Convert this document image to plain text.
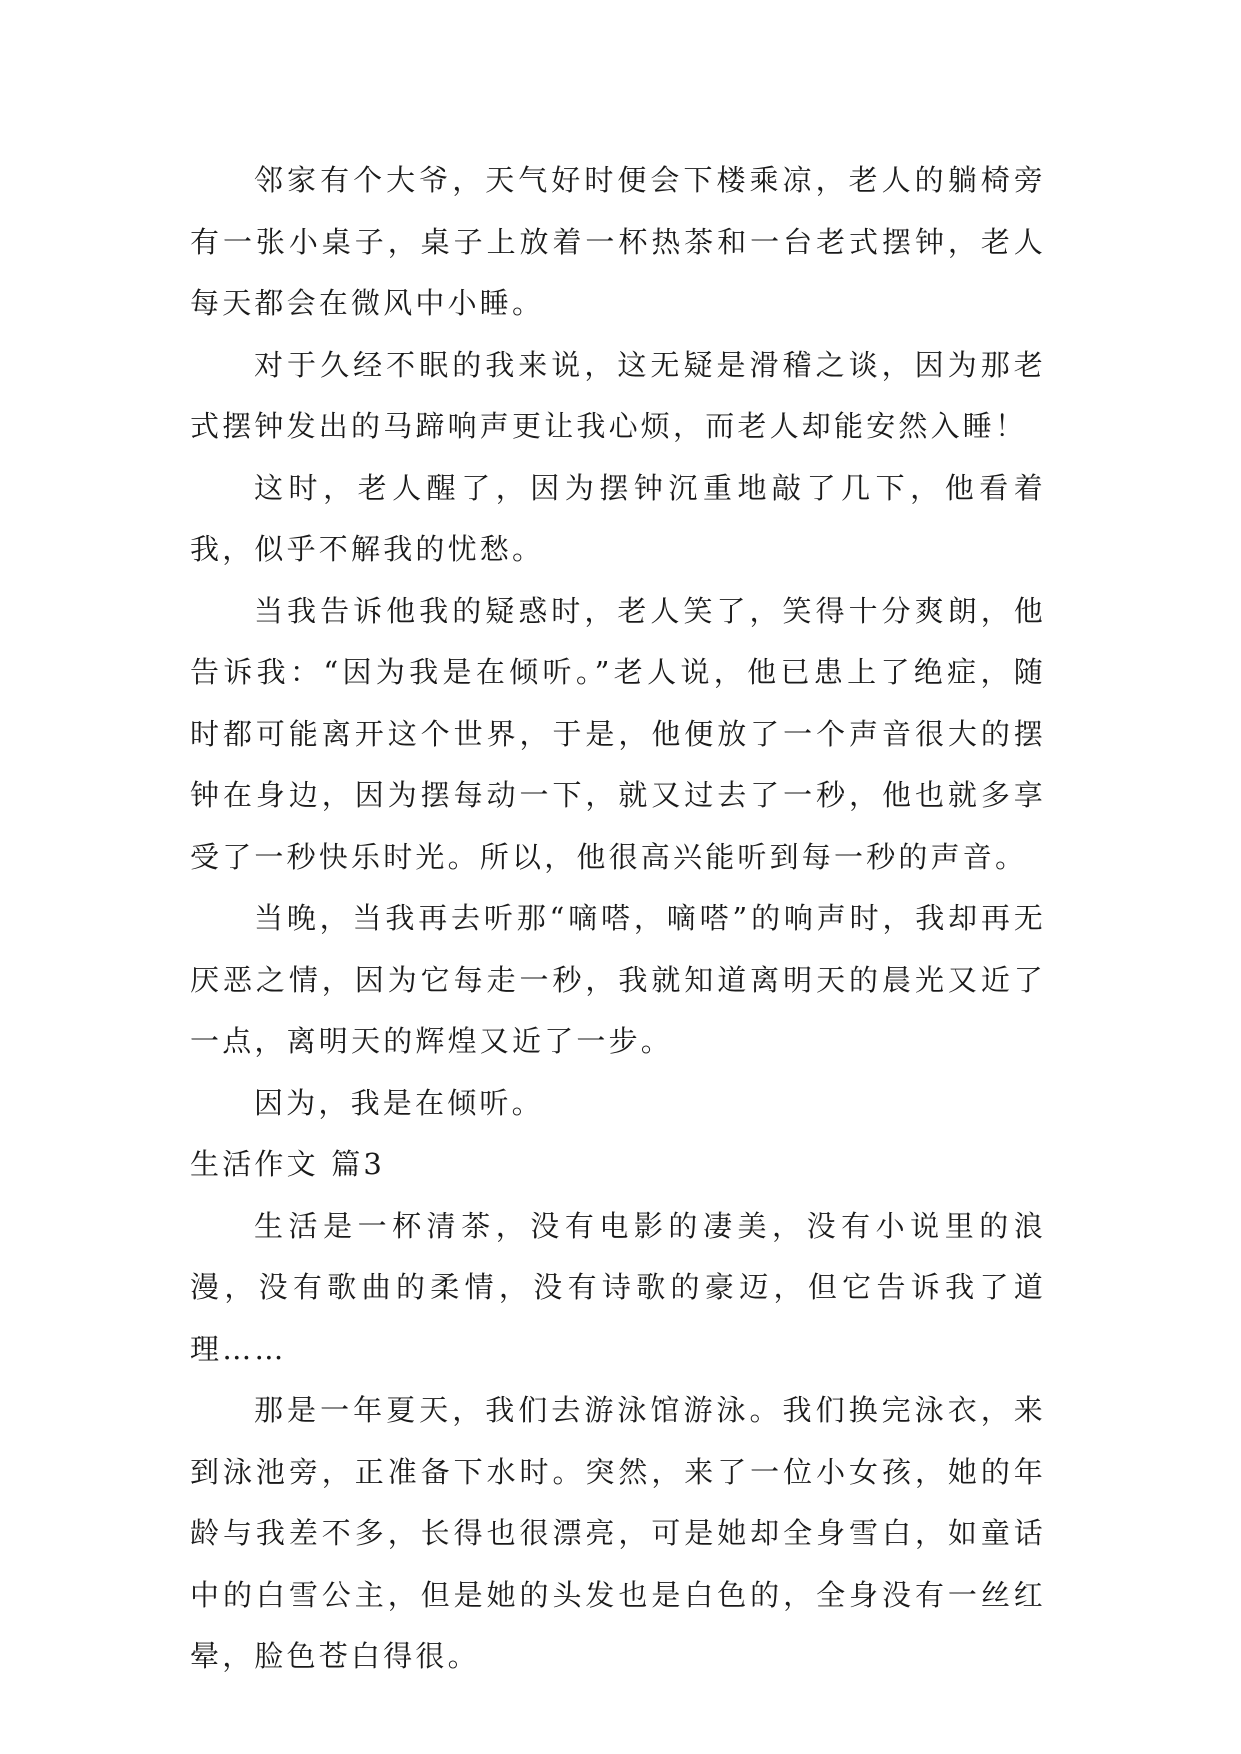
邻家有个大爷，天气好时便会下楼乘凉，老人的躺椅旁有一张小桌子，桌子上放着一杯热茶和一台老式摆钟，老人每天都会在微风中小睡。

对于久经不眠的我来说，这无疑是滑稽之谈，因为那老式摆钟发出的马蹄响声更让我心烦，而老人却能安然入睡！

这时，老人醒了，因为摆钟沉重地敲了几下，他看着我，似乎不解我的忧愁。

当我告诉他我的疑惑时，老人笑了，笑得十分爽朗，他告诉我：“因为我是在倾听。”老人说，他已患上了绝症，随时都可能离开这个世界，于是，他便放了一个声音很大的摆钟在身边，因为摆每动一下，就又过去了一秒，他也就多享受了一秒快乐时光。所以，他很高兴能听到每一秒的声音。

当晚，当我再去听那“嘀嗒，嘀嗒”的响声时，我却再无厌恶之情，因为它每走一秒，我就知道离明天的晨光又近了一点，离明天的辉煌又近了一步。

因为，我是在倾听。

生活作文 篇3

生活是一杯清茶，没有电影的凄美，没有小说里的浪漫，没有歌曲的柔情，没有诗歌的豪迈，但它告诉我了道理……

那是一年夏天，我们去游泳馆游泳。我们换完泳衣，来到泳池旁，正准备下水时。突然，来了一位小女孩，她的年龄与我差不多，长得也很漂亮，可是她却全身雪白，如童话中的白雪公主，但是她的头发也是白色的，全身没有一丝红晕，脸色苍白得很。
